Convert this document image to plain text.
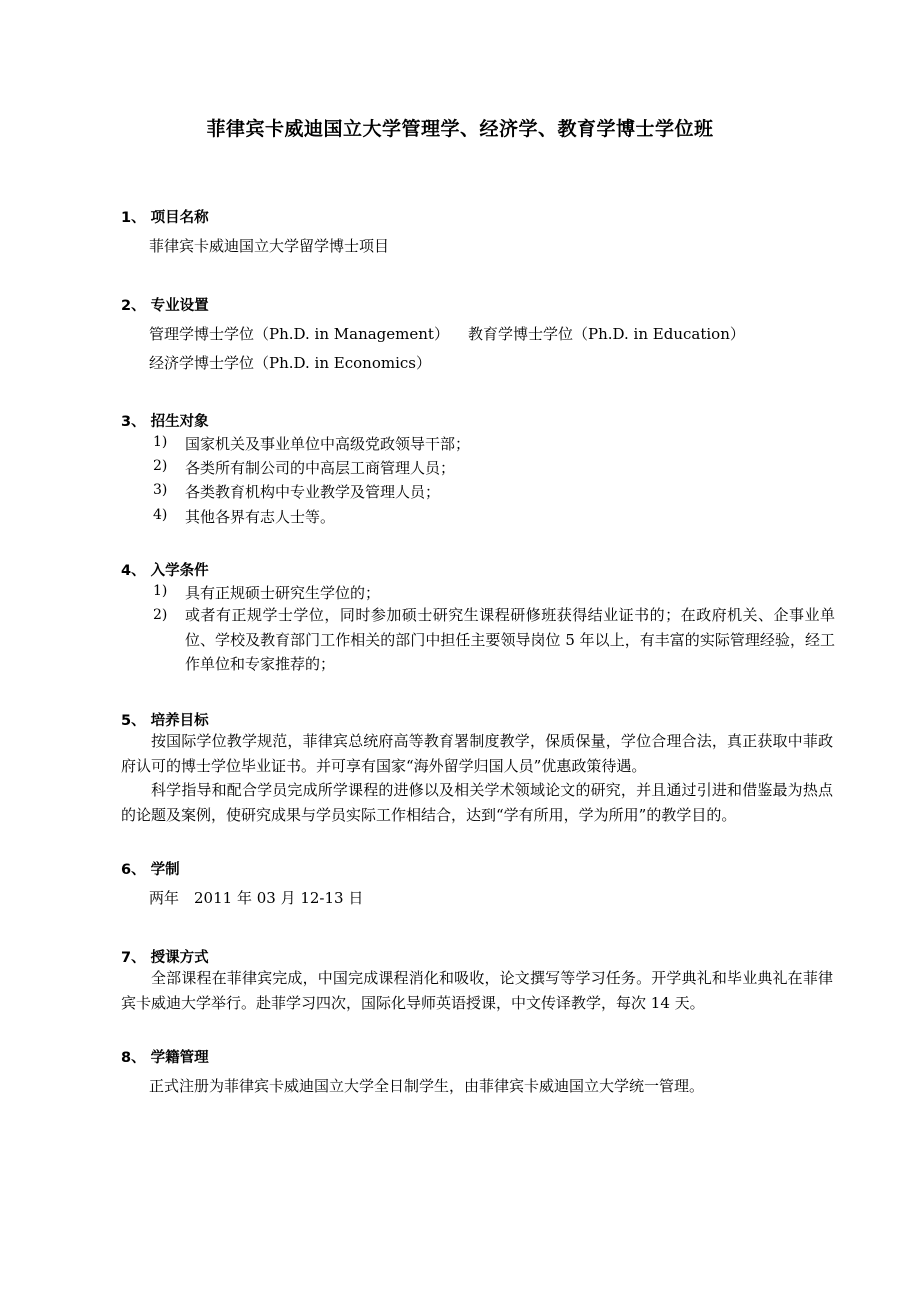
菲律宾卡威迪国立大学管理学、经济学、教育学博士学位班
1、 项目名称
菲律宾卡威迪国立大学留学博士项目
2、 专业设置
管理学博士学位（Ph.D. in Management） 教育学博士学位（Ph.D. in Education）
经济学博士学位（Ph.D. in Economics）
3、 招生对象
1) 国家机关及事业单位中高级党政领导干部；
2) 各类所有制公司的中高层工商管理人员；
3) 各类教育机构中专业教学及管理人员；
4) 其他各界有志人士等。
4、 入学条件
1) 具有正规硕士研究生学位的；
2) 或者有正规学士学位，同时参加硕士研究生课程研修班获得结业证书的；在政府机关、企事业单位、学校及教育部门工作相关的部门中担任主要领导岗位 5 年以上，有丰富的实际管理经验，经工作单位和专家推荐的；
5、 培养目标
按国际学位教学规范，菲律宾总统府高等教育署制度教学，保质保量，学位合理合法，真正获取中菲政府认可的博士学位毕业证书。并可享有国家“海外留学归国人员”优惠政策待遇。
科学指导和配合学员完成所学课程的进修以及相关学术领域论文的研究，并且通过引进和借鉴最为热点的论题及案例，使研究成果与学员实际工作相结合，达到“学有所用，学为所用”的教学目的。
6、 学制
两年　2011 年 03 月 12-13 日
7、 授课方式
全部课程在菲律宾完成，中国完成课程消化和吸收，论文撰写等学习任务。开学典礼和毕业典礼在菲律宾卡威迪大学举行。赴菲学习四次，国际化导师英语授课，中文传译教学，每次 14 天。
8、 学籍管理
正式注册为菲律宾卡威迪国立大学全日制学生，由菲律宾卡威迪国立大学统一管理。
